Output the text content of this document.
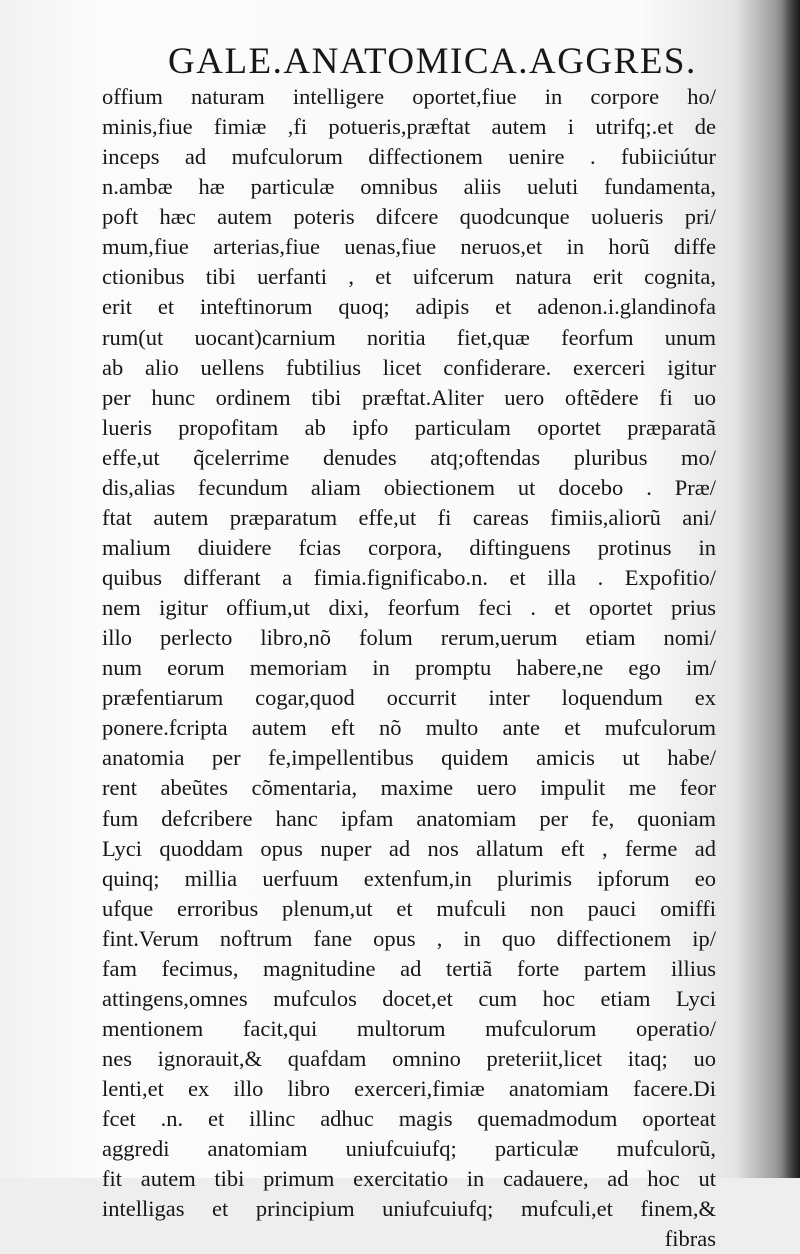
GALE.ANATOMICA.AGGRES.
offium naturam intelligere oportet,fiue in corpore ho/
minis,fiue fimiæ ,fi potueris,præftat autem i utrifq;.et de
inceps ad mufculorum diffectionem uenire . fubiiciútur
n.ambæ hæ particulæ omnibus aliis ueluti fundamenta,
poft hæc autem poteris difcere quodcunque uolueris pri/
mum,fiue arterias,fiue uenas,fiue neruos,et in horũ diffe
ctionibus tibi uerfanti , et uifcerum natura erit cognita,
erit et inteftinorum quoq; adipis et adenon.i.glandinofa
rum(ut uocant)carnium noritia fiet,quæ feorfum unum
ab alio uellens fubtilius licet confiderare. exerceri igitur
per hunc ordinem tibi præftat.Aliter uero oftẽdere fi uo
lueris propofitam ab ipfo particulam oportet præparatã
effe,ut q̃celerrime denudes atq;oftendas pluribus mo/
dis,alias fecundum aliam obiectionem ut docebo . Præ/
ftat autem præparatum effe,ut fi careas fimiis,aliorũ ani/
malium diuidere fcias corpora, diftinguens protinus in
quibus differant a fimia.fignificabo.n. et illa . Expofitio/
nem igitur offium,ut dixi, feorfum feci . et oportet prius
illo perlecto libro,nõ folum rerum,uerum etiam nomi/
num eorum memoriam in promptu habere,ne ego im/
præfentiarum cogar,quod occurrit inter loquendum ex
ponere.fcripta autem eft nõ multo ante et mufculorum
anatomia per fe,impellentibus quidem amicis ut habe/
rent abeũtes cõmentaria, maxime uero impulit me feor
fum defcribere hanc ipfam anatomiam per fe, quoniam
Lyci quoddam opus nuper ad nos allatum eft , ferme ad
quinq; millia uerfuum extenfum,in plurimis ipforum eo
ufque erroribus plenum,ut et mufculi non pauci omiffi
fint.Verum noftrum fane opus , in quo diffectionem ip/
fam fecimus, magnitudine ad tertiã forte partem illius
attingens,omnes mufculos docet,et cum hoc etiam Lyci
mentionem facit,qui multorum mufculorum operatio/
nes ignorauit,& quafdam omnino preteriit,licet itaq; uo
lenti,et ex illo libro exerceri,fimiæ anatomiam facere.Di
fcet .n. et illinc adhuc magis quemadmodum oporteat
aggredi anatomiam uniufcuiufq; particulæ mufculorũ,
fit autem tibi primum exercitatio in cadauere, ad hoc ut
intelligas et principium uniufcuiufq; mufculi,et finem,&
fibras
